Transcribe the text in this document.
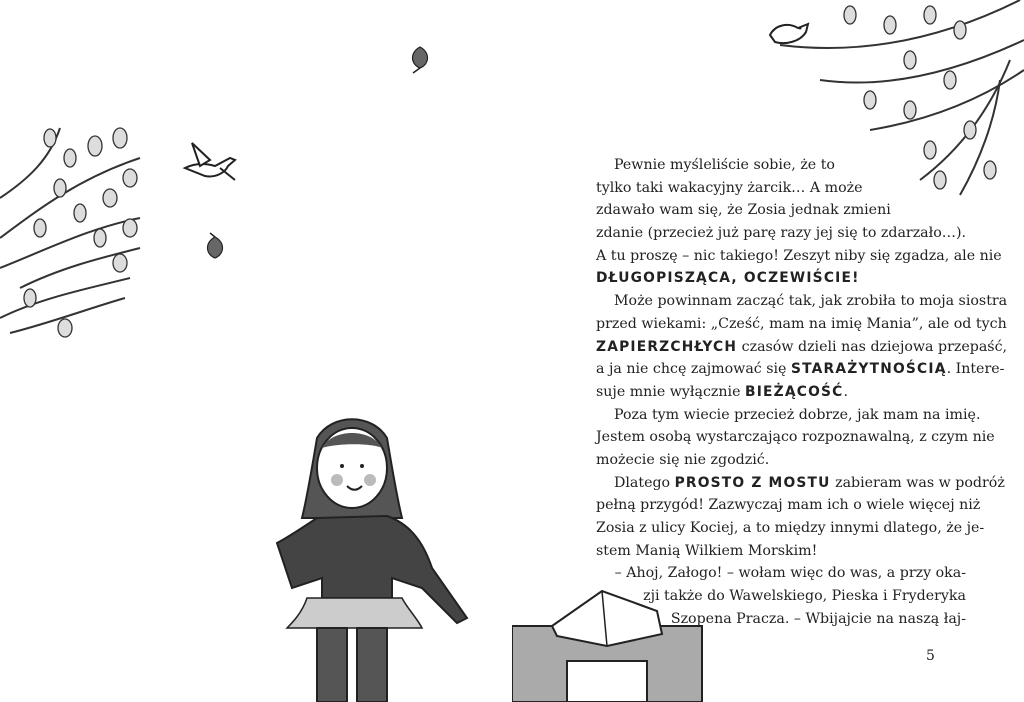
Pewnie myśleliście sobie, że to
tylko taki wakacyjny żarcik… A może
zdawało wam się, że Zosia jednak zmieni
zdanie (przecież już parę razy jej się to zdarzało…).
A tu proszę – nic takiego! Zeszyt niby się zgadza, ale nie
DŁUGOPISZĄCA, OCZEWIŚCIE!
Może powinnam zacząć tak, jak zrobiła to moja siostra
przed wiekami: „Cześć, mam na imię Mania”, ale od tych
ZAPIERZCHŁYCH czasów dzieli nas dziejowa przepaść,
a ja nie chcę zajmować się STARAŻYTNOŚCIĄ. Intere-
suje mnie wyłącznie BIEŻĄCOŚĆ.
Poza tym wiecie przecież dobrze, jak mam na imię.
Jestem osobą wystarczająco rozpoznawalną, z czym nie
możecie się nie zgodzić.
Dlatego PROSTO Z MOSTU zabieram was w podróż
pełną przygód! Zazwyczaj mam ich o wiele więcej niż
Zosia z ulicy Kociej, a to między innymi dlatego, że je-
stem Manią Wilkiem Morskim!
– Ahoj, Załogo! – wołam więc do was, a przy oka-
zji także do Wawelskiego, Pieska i Fryderyka
Szopena Pracza. – Wbijajcie na naszą łaj-
5
